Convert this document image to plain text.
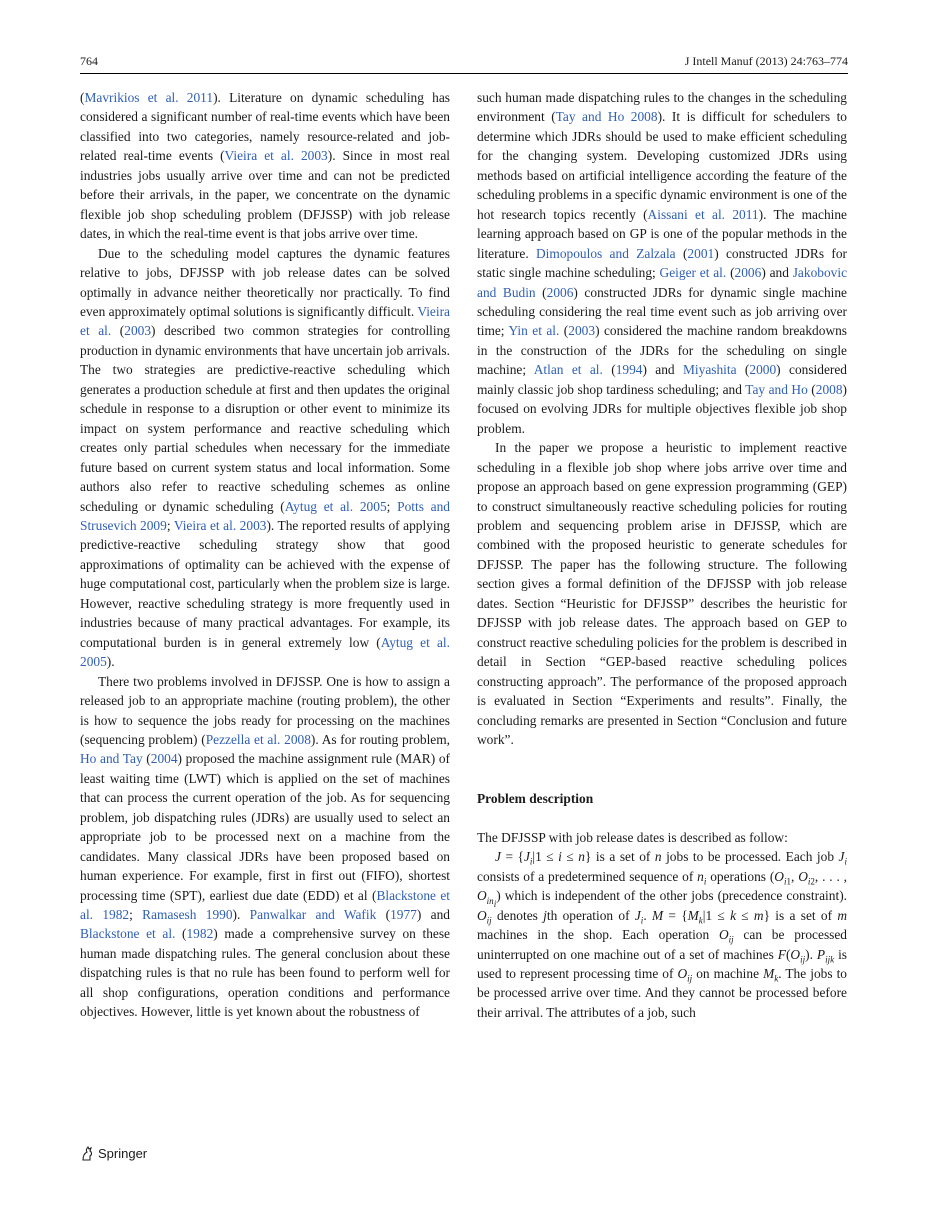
764	J Intell Manuf (2013) 24:763–774

(Mavrikios et al. 2011). Literature on dynamic scheduling has considered a significant number of real-time events which have been classified into two categories, namely resource-related and job-related real-time events (Vieira et al. 2003). Since in most real industries jobs usually arrive over time and can not be predicted before their arrivals, in the paper, we concentrate on the dynamic flexible job shop scheduling problem (DFJSSP) with job release dates, in which the real-time event is that jobs arrive over time.

Due to the scheduling model captures the dynamic features relative to jobs, DFJSSP with job release dates can be solved optimally in advance neither theoretically nor practically. To find even approximately optimal solutions is significantly difficult. Vieira et al. (2003) described two common strategies for controlling production in dynamic environments that have uncertain job arrivals. The two strategies are predictive-reactive scheduling which generates a production schedule at first and then updates the original schedule in response to a disruption or other event to minimize its impact on system performance and reactive scheduling which creates only partial schedules when necessary for the immediate future based on current system status and local information. Some authors also refer to reactive scheduling schemes as online scheduling or dynamic scheduling (Aytug et al. 2005; Potts and Strusevich 2009; Vieira et al. 2003). The reported results of applying predictive-reactive scheduling strategy show that good approximations of optimality can be achieved with the expense of huge computational cost, particularly when the problem size is large. However, reactive scheduling strategy is more frequently used in industries because of many practical advantages. For example, its computational burden is in general extremely low (Aytug et al. 2005).

There two problems involved in DFJSSP. One is how to assign a released job to an appropriate machine (routing problem), the other is how to sequence the jobs ready for processing on the machines (sequencing problem) (Pezzella et al. 2008). As for routing problem, Ho and Tay (2004) proposed the machine assignment rule (MAR) of least waiting time (LWT) which is applied on the set of machines that can process the current operation of the job. As for sequencing problem, job dispatching rules (JDRs) are usually used to select an appropriate job to be processed next on a machine from the candidates. Many classical JDRs have been proposed based on human experience. For example, first in first out (FIFO), shortest processing time (SPT), earliest due date (EDD) et al (Blackstone et al. 1982; Ramasesh 1990). Panwalkar and Wafik (1977) and Blackstone et al. (1982) made a comprehensive survey on these human made dispatching rules. The general conclusion about these dispatching rules is that no rule has been found to perform well for all shop configurations, operation conditions and performance objectives. However, little is yet known about the robustness of

such human made dispatching rules to the changes in the scheduling environment (Tay and Ho 2008). It is difficult for schedulers to determine which JDRs should be used to make efficient scheduling for the changing system. Developing customized JDRs using methods based on artificial intelligence according the feature of the scheduling problems in a specific dynamic environment is one of the hot research topics recently (Aissani et al. 2011). The machine learning approach based on GP is one of the popular methods in the literature. Dimopoulos and Zalzala (2001) constructed JDRs for static single machine scheduling; Geiger et al. (2006) and Jakobovic and Budin (2006) constructed JDRs for dynamic single machine scheduling considering the real time event such as job arriving over time; Yin et al. (2003) considered the machine random breakdowns in the construction of the JDRs for the scheduling on single machine; Atlan et al. (1994) and Miyashita (2000) considered mainly classic job shop tardiness scheduling; and Tay and Ho (2008) focused on evolving JDRs for multiple objectives flexible job shop problem.

In the paper we propose a heuristic to implement reactive scheduling in a flexible job shop where jobs arrive over time and propose an approach based on gene expression programming (GEP) to construct simultaneously reactive scheduling policies for routing problem and sequencing problem arise in DFJSSP, which are combined with the proposed heuristic to generate schedules for DFJSSP. The paper has the following structure. The following section gives a formal definition of the DFJSSP with job release dates. Section “Heuristic for DFJSSP” describes the heuristic for DFJSSP with job release dates. The approach based on GEP to construct reactive scheduling policies for the problem is described in detail in Section “GEP-based reactive scheduling polices constructing approach”. The performance of the proposed approach is evaluated in Section “Experiments and results”. Finally, the concluding remarks are presented in Section “Conclusion and future work”.

Problem description

The DFJSSP with job release dates is described as follow:

$J = \{J_i|1 \le i \le n\}$ is a set of n jobs to be processed. Each job $J_i$ consists of a predetermined sequence of $n_i$ operations ($O_{i1}$, $O_{i2}$, . . . , $O_{in_i}$) which is independent of the other jobs (precedence constraint). $O_{ij}$ denotes jth operation of $J_i$. $M = \{M_k|1 \le k \le m\}$ is a set of m machines in the shop. Each operation $O_{ij}$ can be processed uninterrupted on one machine out of a set of machines $F(O_{ij})$. $P_{ijk}$ is used to represent processing time of $O_{ij}$ on machine $M_k$. The jobs to be processed arrive over time. And they cannot be processed before their arrival. The attributes of a job, such

Springer
